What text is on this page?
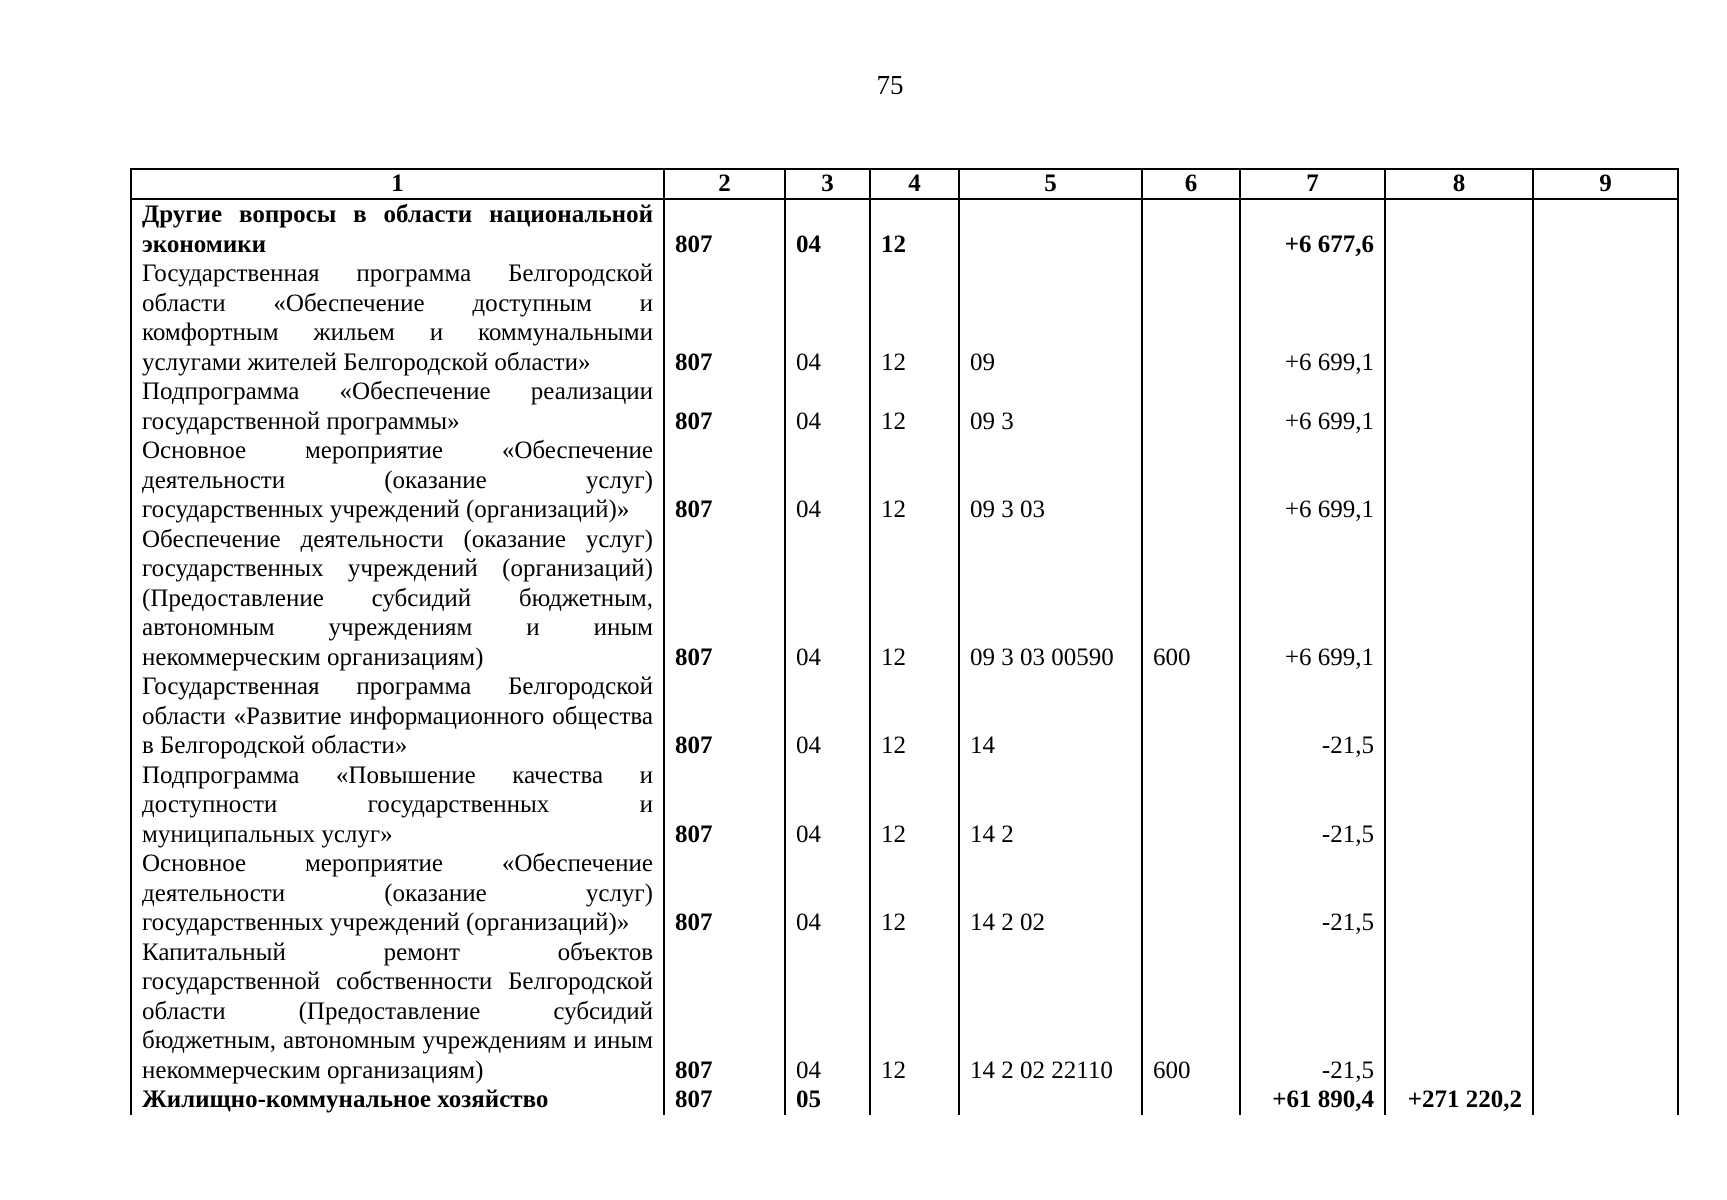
75
1	2	3	4	5	6	7	8	9
Другие вопросы в области национальной экономики	807	04	12			+6 677,6		
Государственная программа Белгородской области «Обеспечение доступным и комфортным жильем и коммунальными услугами жителей Белгородской области»	807	04	12	09		+6 699,1		
Подпрограмма «Обеспечение реализации государственной программы»	807	04	12	09 3		+6 699,1		
Основное мероприятие «Обеспечение деятельности (оказание услуг) государственных учреждений (организаций)»	807	04	12	09 3 03		+6 699,1		
Обеспечение деятельности (оказание услуг) государственных учреждений (организаций) (Предоставление субсидий бюджетным, автономным учреждениям и иным некоммерческим организациям)	807	04	12	09 3 03 00590	600	+6 699,1		
Государственная программа Белгородской области «Развитие информационного общества в Белгородской области»	807	04	12	14		-21,5		
Подпрограмма «Повышение качества и доступности государственных и муниципальных услуг»	807	04	12	14 2		-21,5		
Основное мероприятие «Обеспечение деятельности (оказание услуг) государственных учреждений (организаций)»	807	04	12	14 2 02		-21,5		
Капитальный ремонт объектов государственной собственности Белгородской области (Предоставление субсидий бюджетным, автономным учреждениям и иным некоммерческим организациям)	807	04	12	14 2 02 22110	600	-21,5		
Жилищно-коммунальное хозяйство	807	05				+61 890,4	+271 220,2	
